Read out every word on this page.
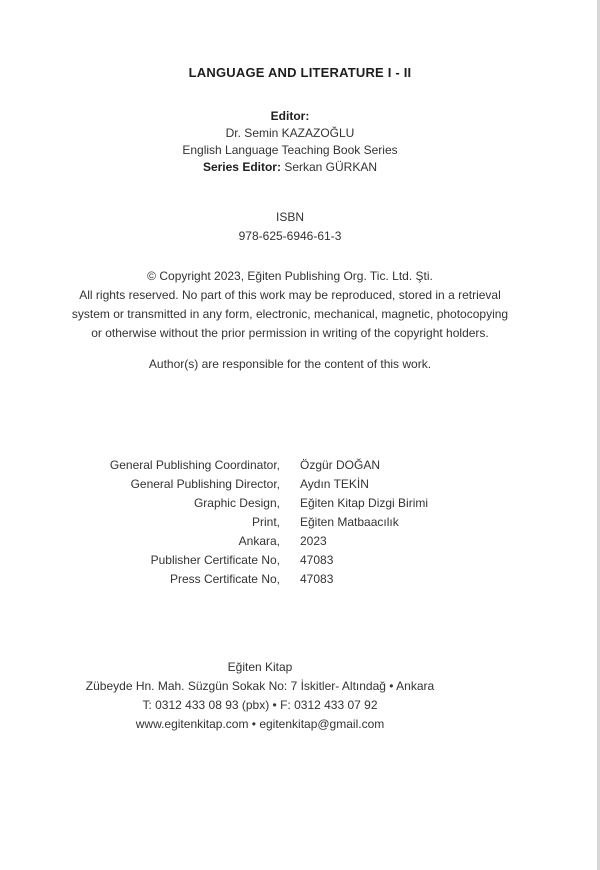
LANGUAGE AND LITERATURE I - II
Editor:
Dr. Semin KAZAZOĞLU
English Language Teaching Book Series
Series Editor: Serkan GÜRKAN
ISBN
978-625-6946-61-3
© Copyright 2023, Eğiten Publishing Org. Tic. Ltd. Şti.
All rights reserved. No part of this work may be reproduced, stored in a retrieval
system or transmitted in any form, electronic, mechanical, magnetic, photocopying
or otherwise without the prior permission in writing of the copyright holders.
Author(s) are responsible for the content of this work.
General Publishing Coordinator, Özgür DOĞAN
General Publishing Director, Aydın TEKİN
Graphic Design, Eğiten Kitap Dizgi Birimi
Print, Eğiten Matbaacılık
Ankara, 2023
Publisher Certificate No, 47083
Press Certificate No, 47083
Eğiten Kitap
Zübeyde Hn. Mah. Süzgün Sokak No: 7 İskitler- Altındağ • Ankara
T: 0312 433 08 93 (pbx) • F: 0312 433 07 92
www.egitenkitap.com • egitenkitap@gmail.com
